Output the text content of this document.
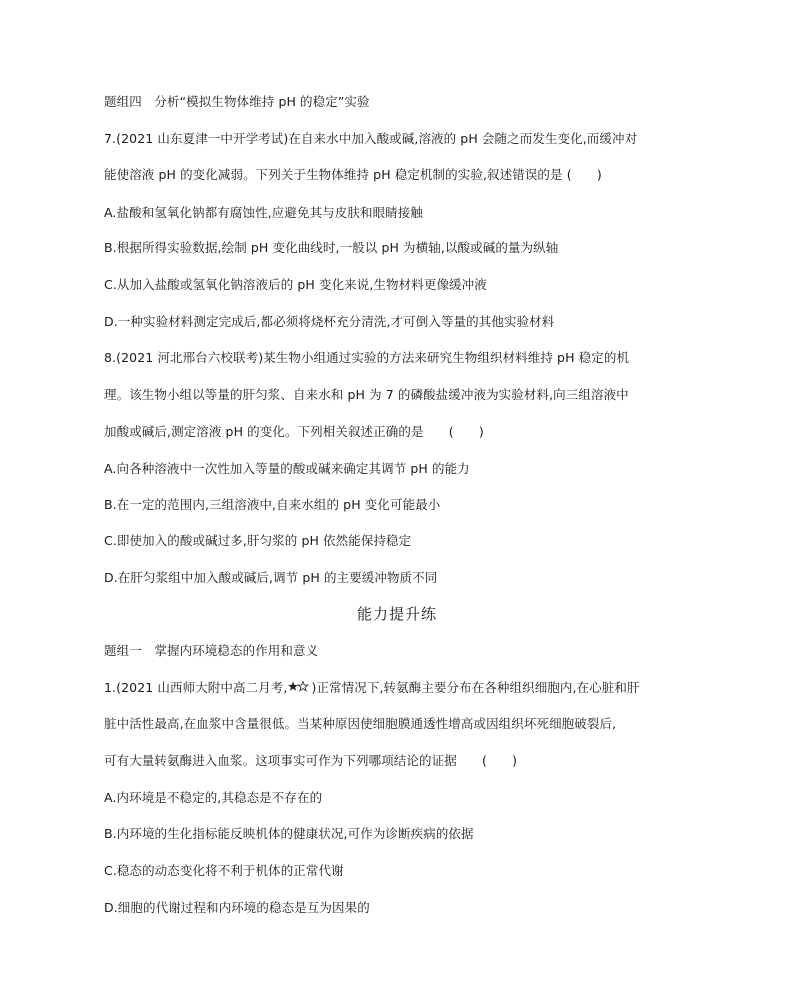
题组四　分析“模拟生物体维持 pH 的稳定”实验
7.(2021 山东夏津一中开学考试)在自来水中加入酸或碱,溶液的 pH 会随之而发生变化,而缓冲对
能使溶液 pH 的变化减弱。下列关于生物体维持 pH 稳定机制的实验,叙述错误的是 (　　)
A.盐酸和氢氧化钠都有腐蚀性,应避免其与皮肤和眼睛接触
B.根据所得实验数据,绘制 pH 变化曲线时,一般以 pH 为横轴,以酸或碱的量为纵轴
C.从加入盐酸或氢氧化钠溶液后的 pH 变化来说,生物材料更像缓冲液
D.一种实验材料测定完成后,都必须将烧杯充分清洗,才可倒入等量的其他实验材料
8.(2021 河北邢台六校联考)某生物小组通过实验的方法来研究生物组织材料维持 pH 稳定的机
理。该生物小组以等量的肝匀浆、自来水和 pH 为 7 的磷酸盐缓冲液为实验材料,向三组溶液中
加酸或碱后,测定溶液 pH 的变化。下列相关叙述正确的是　　(　　)
A.向各种溶液中一次性加入等量的酸或碱来确定其调节 pH 的能力
B.在一定的范围内,三组溶液中,自来水组的 pH 变化可能最小
C.即使加入的酸或碱过多,肝匀浆的 pH 依然能保持稳定
D.在肝匀浆组中加入酸或碱后,调节 pH 的主要缓冲物质不同
能力提升练
题组一　掌握内环境稳态的作用和意义
1.(2021 山西师大附中高二月考, )正常情况下,转氨酶主要分布在各种组织细胞内,在心脏和肝
脏中活性最高,在血浆中含量很低。当某种原因使细胞膜通透性增高或因组织坏死细胞破裂后,
可有大量转氨酶进入血浆。这项事实可作为下列哪项结论的证据　　(　　)
A.内环境是不稳定的,其稳态是不存在的
B.内环境的生化指标能反映机体的健康状况,可作为诊断疾病的依据
C.稳态的动态变化将不利于机体的正常代谢
D.细胞的代谢过程和内环境的稳态是互为因果的
